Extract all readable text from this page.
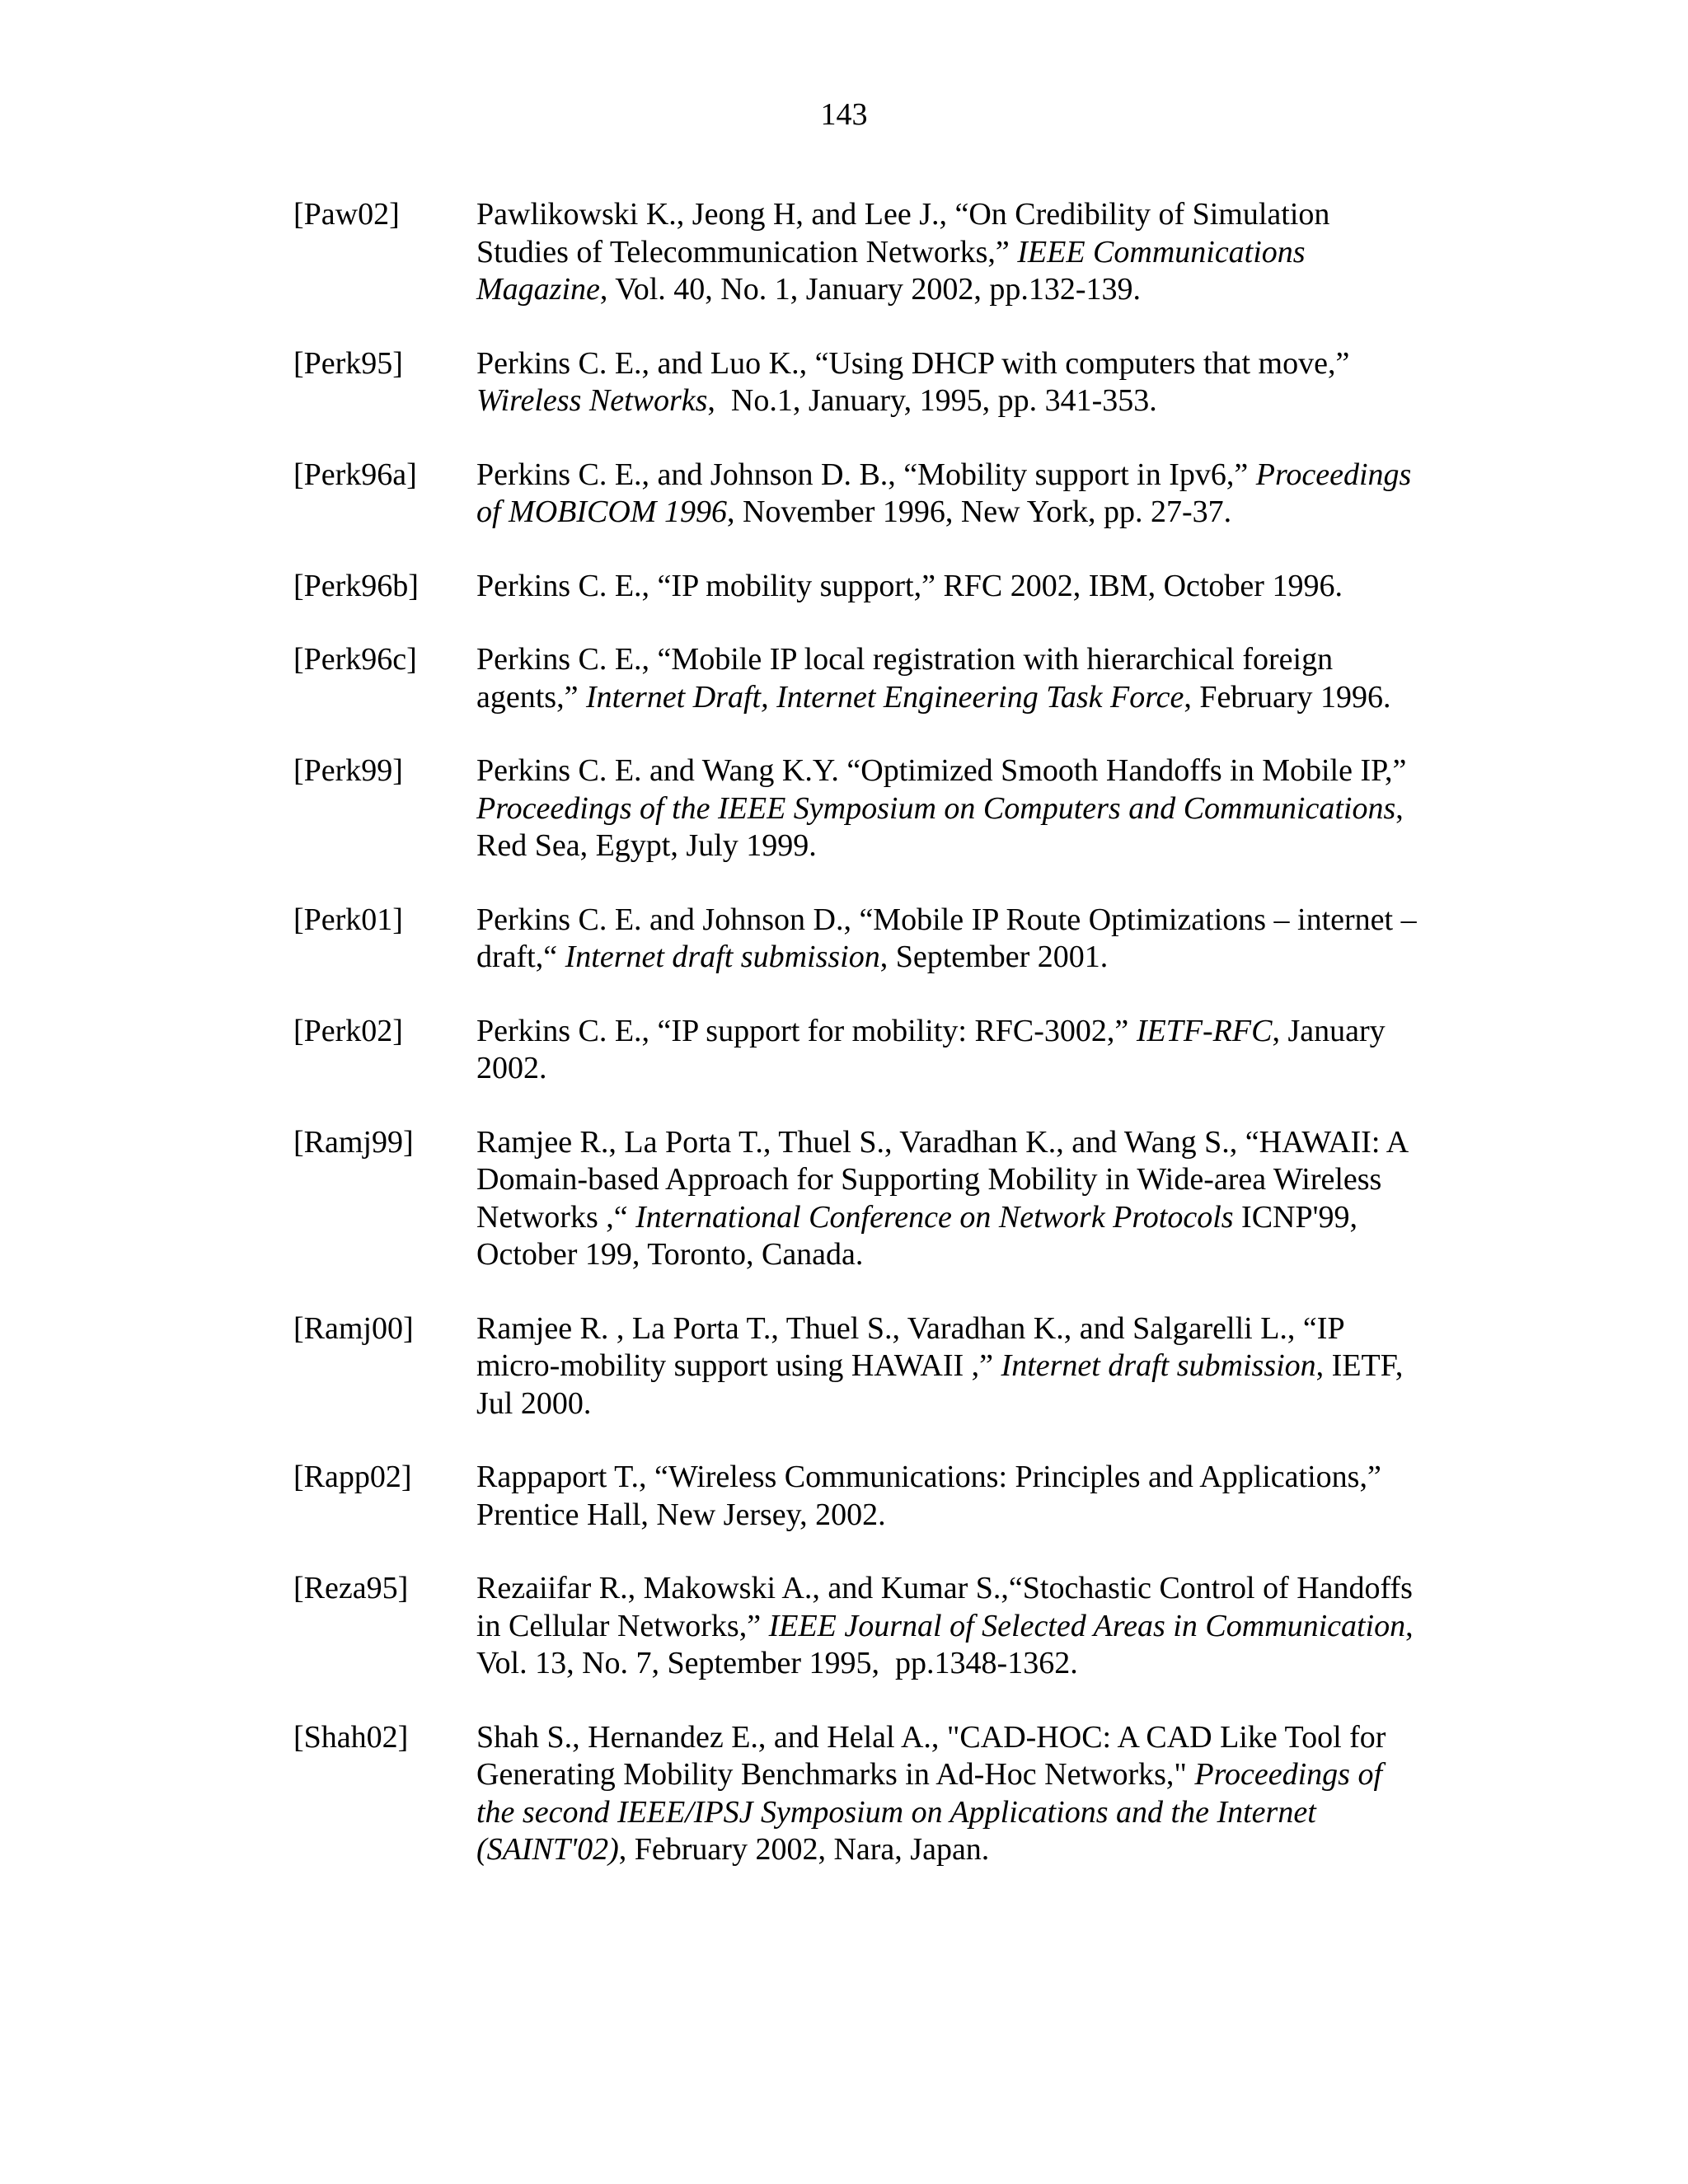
143
[Paw02]	Pawlikowski K., Jeong H, and Lee J., “On Credibility of Simulation
Studies of Telecommunication Networks,” IEEE Communications
Magazine, Vol. 40, No. 1, January 2002, pp.132-139.
[Perk95]	Perkins C. E., and Luo K., “Using DHCP with computers that move,”
Wireless Networks,  No.1, January, 1995, pp. 341-353.
[Perk96a]	Perkins C. E., and Johnson D. B., “Mobility support in Ipv6,” Proceedings
of MOBICOM 1996, November 1996, New York, pp. 27-37.
[Perk96b]	Perkins C. E., “IP mobility support,” RFC 2002, IBM, October 1996.
[Perk96c]	Perkins C. E., “Mobile IP local registration with hierarchical foreign
agents,” Internet Draft, Internet Engineering Task Force, February 1996.
[Perk99]	Perkins C. E. and Wang K.Y. “Optimized Smooth Handoffs in Mobile IP,”
Proceedings of the IEEE Symposium on Computers and Communications,
Red Sea, Egypt, July 1999.
[Perk01]	Perkins C. E. and Johnson D., “Mobile IP Route Optimizations – internet –
draft,“ Internet draft submission, September 2001.
[Perk02]	Perkins C. E., “IP support for mobility: RFC-3002,” IETF-RFC, January
2002.
[Ramj99]	Ramjee R., La Porta T., Thuel S., Varadhan K., and Wang S., “HAWAII: A
Domain-based Approach for Supporting Mobility in Wide-area Wireless
Networks ,“ International Conference on Network Protocols ICNP'99,
October 199, Toronto, Canada.
[Ramj00]	Ramjee R. , La Porta T., Thuel S., Varadhan K., and Salgarelli L., “IP
micro-mobility support using HAWAII ,” Internet draft submission, IETF,
Jul 2000.
[Rapp02]	Rappaport T., “Wireless Communications: Principles and Applications,”
Prentice Hall, New Jersey, 2002.
[Reza95]	Rezaiifar R., Makowski A., and Kumar S.,“Stochastic Control of Handoffs
in Cellular Networks,” IEEE Journal of Selected Areas in Communication,
Vol. 13, No. 7, September 1995,  pp.1348-1362.
[Shah02]	Shah S., Hernandez E., and Helal A., "CAD-HOC: A CAD Like Tool for
Generating Mobility Benchmarks in Ad-Hoc Networks," Proceedings of
the second IEEE/IPSJ Symposium on Applications and the Internet
(SAINT'02), February 2002, Nara, Japan.
